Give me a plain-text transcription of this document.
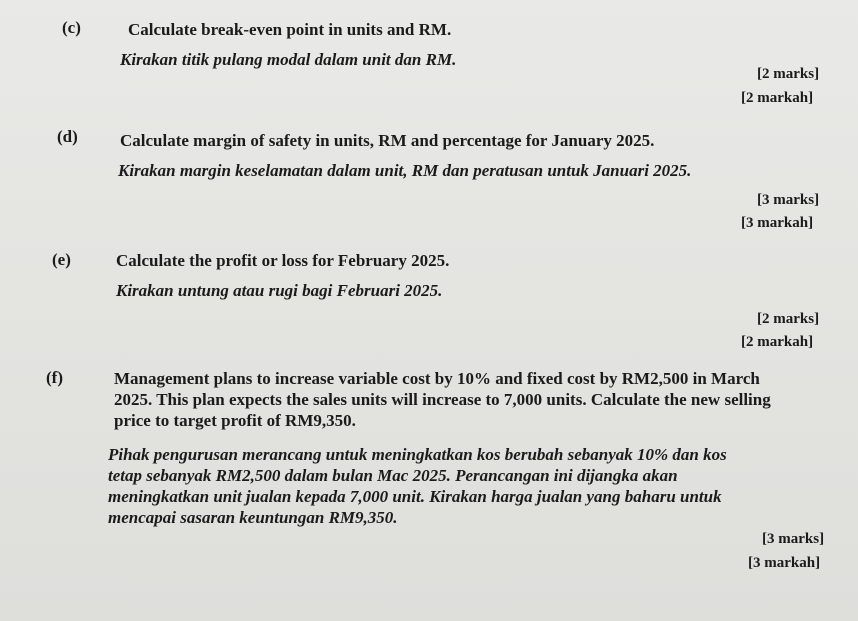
(c)	Calculate break-even point in units and RM.
Kirakan titik pulang modal dalam unit dan RM.
[2 marks]
[2 markah]
(d) Calculate margin of safety in units, RM and percentage for January 2025.
Kirakan margin keselamatan dalam unit, RM dan peratusan untuk Januari 2025.
[3 marks]
[3 markah]
(e)	Calculate the profit or loss for February 2025.
Kirakan untung atau rugi bagi Februari 2025.
[2 marks]
[2 markah]
(f)	Management plans to increase variable cost by 10% and fixed cost by RM2,500 in March
2025. This plan expects the sales units will increase to 7,000 units. Calculate the new selling
price to target profit of RM9,350.
Pihak pengurusan merancang untuk meningkatkan kos berubah sebanyak 10% dan kos
tetap sebanyak RM2,500 dalam bulan Mac 2025. Perancangan ini dijangka akan
meningkatkan unit jualan kepada 7,000 unit. Kirakan harga jualan yang baharu untuk
mencapai sasaran keuntungan RM9,350.
[3 marks]
[3 markah]
